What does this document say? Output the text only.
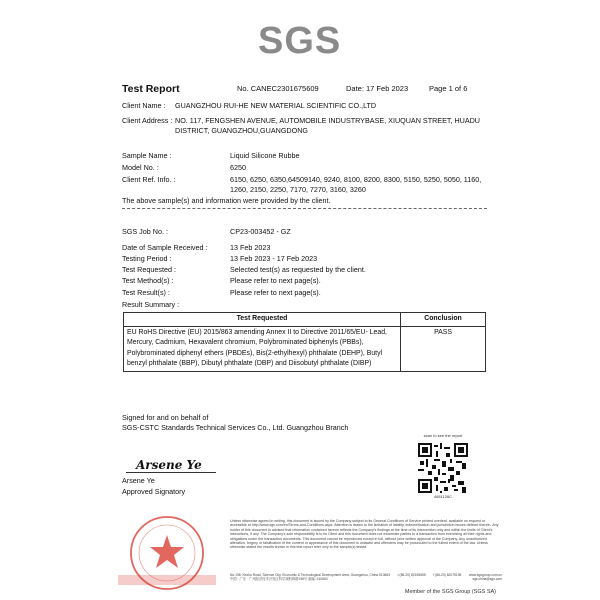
SGS
Test Report	No. CANEC2301675609	Date: 17 Feb 2023	Page 1 of 6
Client Name : GUANGZHOU RUI-HE NEW MATERIAL SCIENTIFIC CO.,LTD
Client Address : NO. 117, FENGSHEN AVENUE, AUTOMOBILE INDUSTRYBASE, XIUQUAN STREET, HUADU
DISTRICT, GUANGZHOU,GUANGDONG
Sample Name :	Liquid Silicone Rubbe
Model No. :	6250
Client Ref. Info. :	6150, 6250, 6350,64509140, 9240, 8100, 8200, 8300, 5150, 5250, 5050, 1160,
1260, 2150, 2250, 7170, 7270, 3160, 3260
The above sample(s) and information were provided by the client.
SGS Job No. :	CP23-003452 - GZ
Date of Sample Received :	13 Feb 2023
Testing Period :	13 Feb 2023 - 17 Feb 2023
Test Requested :	Selected test(s) as requested by the client.
Test Method(s) :	Please refer to next page(s).
Test Result(s) :	Please refer to next page(s).
Result Summary :
Test Requested	Conclusion
EU RoHS Directive (EU) 2015/863 amending Annex II to Directive 2011/65/EU- Lead, Mercury, Cadmium, Hexavalent chromium, Polybrominated biphenyls (PBBs), Polybrominated diphenyl ethers (PBDEs), Bis(2-ethylhexyl) phthalate (DEHP), Butyl benzyl phthalate (BBP), Dibutyl phthalate (DBP) and Diisobutyl phthalate (DIBP)	PASS
Signed for and on behalf of
SGS-CSTC Standards Technical Services Co., Ltd. Guangzhou Branch
Arsene Ye
Arsene Ye
Approved Signatory
scan to see the report
4681126C
Unless otherwise agreed in writing, this document is issued by the Company subject to its General Conditions of Service printed overleaf, available on request or accessible at http://www.sgs.com/en/Terms-and-Conditions.aspx. Attention is drawn to the limitation of liability, indemnification and jurisdiction issues defined therein. Any holder of this document is advised that information contained hereon reflects the Company's findings at the time of its intervention only and within the limits of Client's instructions, if any. The Company's sole responsibility is to its Client and this document does not exonerate parties to a transaction from exercising all their rights and obligations under the transaction documents. This document cannot be reproduced except in full, without prior written approval of the Company. Any unauthorized alteration, forgery or falsification of the content or appearance of this document is unlawful and offenders may be prosecuted to the fullest extent of the law. Unless otherwise stated the results shown in this test report refer only to the sample(s) tested.
No.198, Kezhu Road, Science City, Economic & Technological Development Area, Guangzhou, China 510663 t (86-20) 82155555 f (86-20) 82075195 www.sgsgroup.com.cn
中国 · 广东 · 广州经济技术开发区科学城科珠路198号 邮编: 510663	sgs.china@sgs.com
Member of the SGS Group (SGS SA)
